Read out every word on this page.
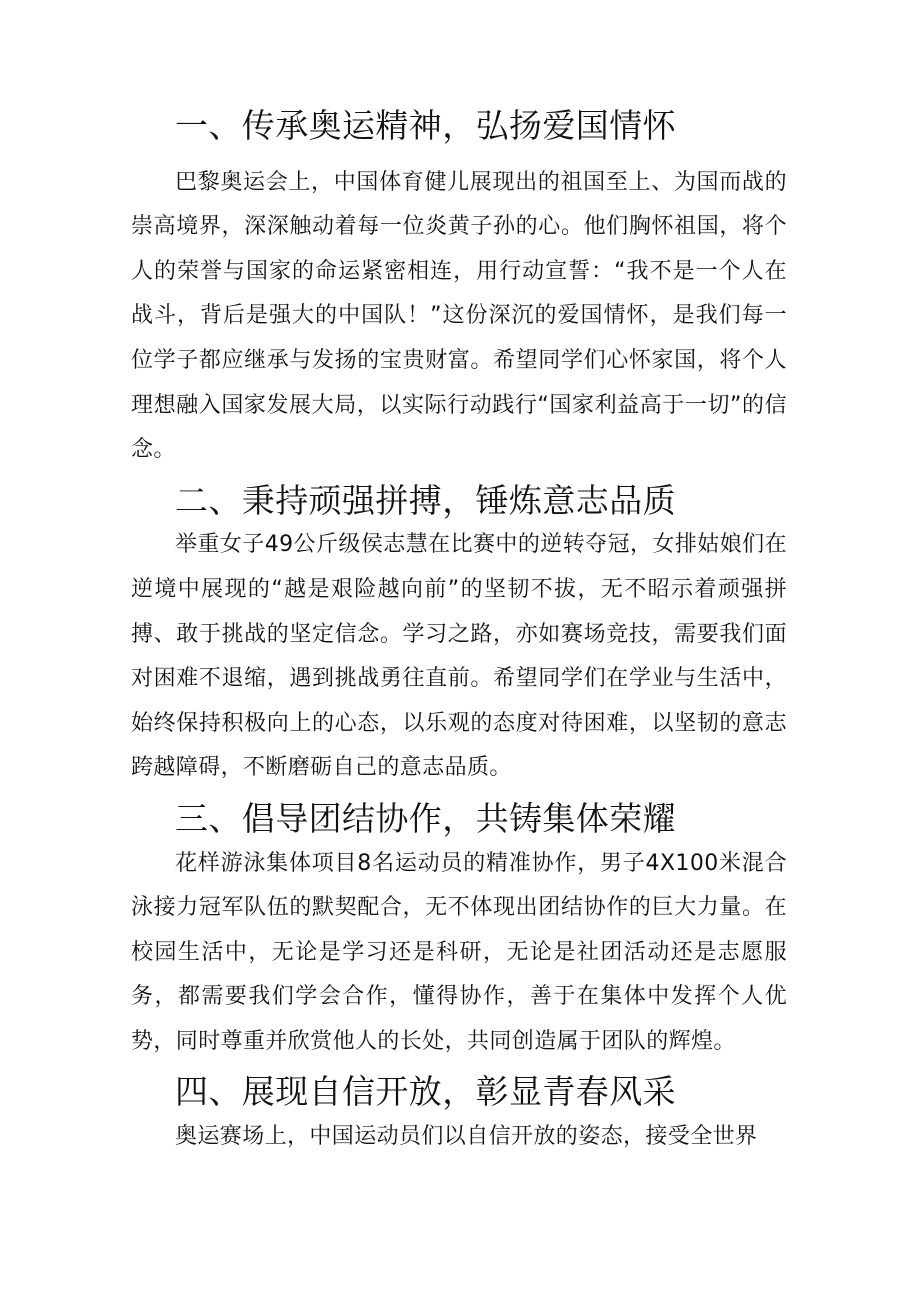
一、传承奥运精神，弘扬爱国情怀

巴黎奥运会上，中国体育健儿展现出的祖国至上、为国而战的崇高境界，深深触动着每一位炎黄子孙的心。他们胸怀祖国，将个人的荣誉与国家的命运紧密相连，用行动宣誓：“我不是一个人在战斗，背后是强大的中国队！”这份深沉的爱国情怀，是我们每一位学子都应继承与发扬的宝贵财富。希望同学们心怀家国，将个人理想融入国家发展大局，以实际行动践行“国家利益高于一切”的信念。

二、秉持顽强拼搏，锤炼意志品质

举重女子49公斤级侯志慧在比赛中的逆转夺冠，女排姑娘们在逆境中展现的“越是艰险越向前”的坚韧不拔，无不昭示着顽强拼搏、敢于挑战的坚定信念。学习之路，亦如赛场竞技，需要我们面对困难不退缩，遇到挑战勇往直前。希望同学们在学业与生活中，始终保持积极向上的心态，以乐观的态度对待困难，以坚韧的意志跨越障碍，不断磨砺自己的意志品质。

三、倡导团结协作，共铸集体荣耀

花样游泳集体项目8名运动员的精准协作，男子4X100米混合泳接力冠军队伍的默契配合，无不体现出团结协作的巨大力量。在校园生活中，无论是学习还是科研，无论是社团活动还是志愿服务，都需要我们学会合作，懂得协作，善于在集体中发挥个人优势，同时尊重并欣赏他人的长处，共同创造属于团队的辉煌。

四、展现自信开放，彰显青春风采

奥运赛场上，中国运动员们以自信开放的姿态，接受全世界
